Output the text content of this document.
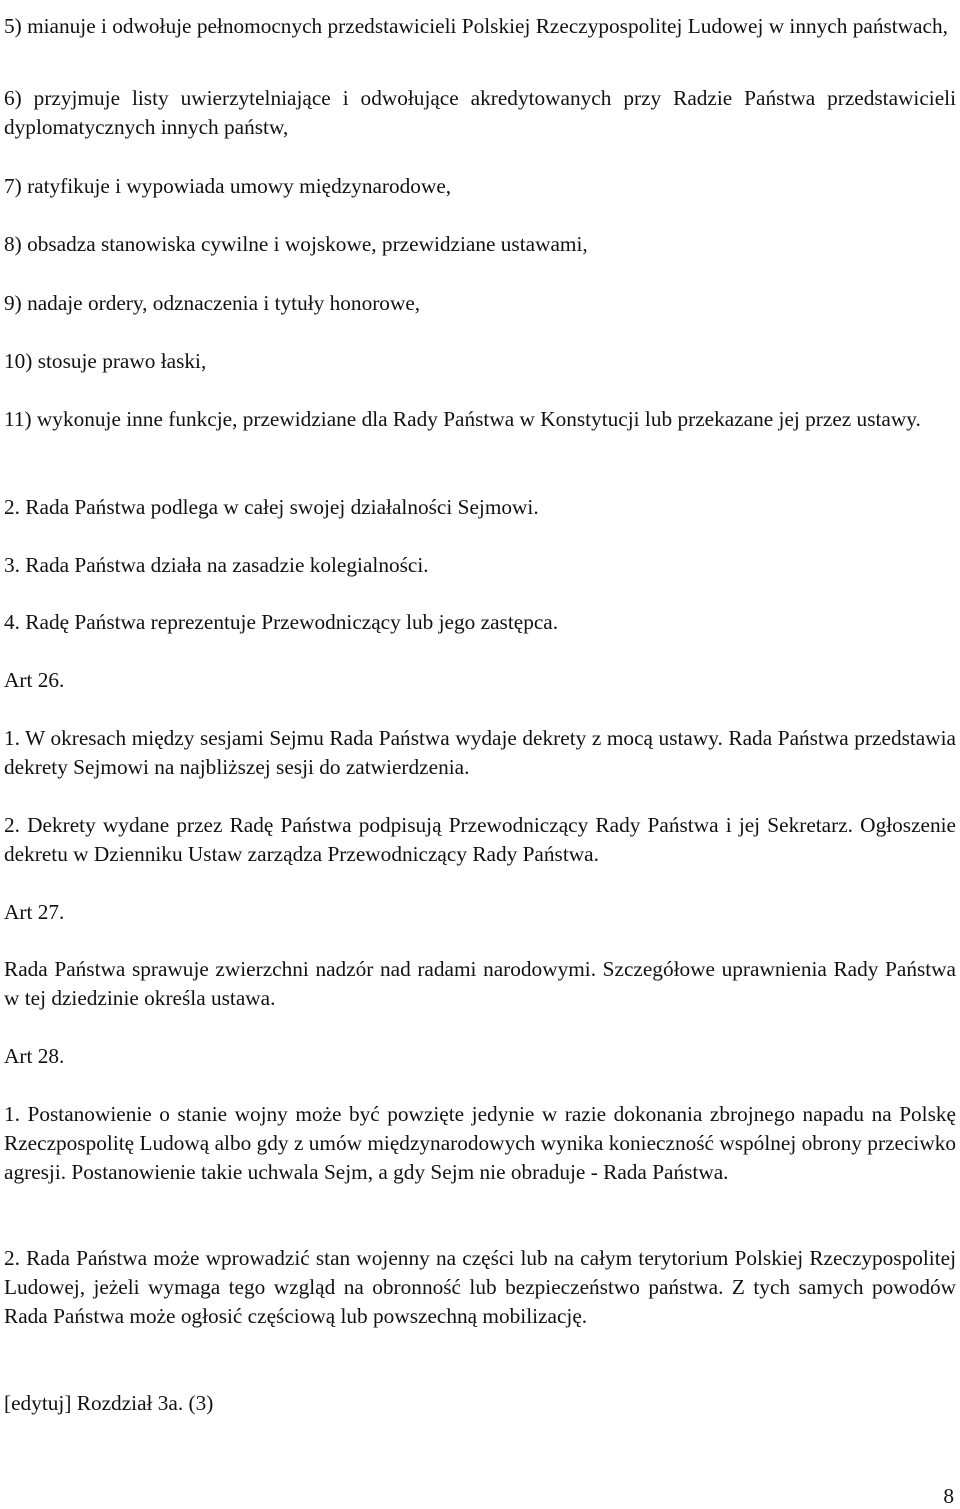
5) mianuje i odwołuje pełnomocnych przedstawicieli Polskiej Rzeczypospolitej Ludowej w innych państwach,

6) przyjmuje listy uwierzytelniające i odwołujące akredytowanych przy Radzie Państwa przedstawicieli dyplomatycznych innych państw,

7) ratyfikuje i wypowiada umowy międzynarodowe,

8) obsadza stanowiska cywilne i wojskowe, przewidziane ustawami,

9) nadaje ordery, odznaczenia i tytuły honorowe,

10) stosuje prawo łaski,

11) wykonuje inne funkcje, przewidziane dla Rady Państwa w Konstytucji lub przekazane jej przez ustawy.

2. Rada Państwa podlega w całej swojej działalności Sejmowi.

3. Rada Państwa działa na zasadzie kolegialności.

4. Radę Państwa reprezentuje Przewodniczący lub jego zastępca.

Art 26.

1. W okresach między sesjami Sejmu Rada Państwa wydaje dekrety z mocą ustawy. Rada Państwa przedstawia dekrety Sejmowi na najbliższej sesji do zatwierdzenia.

2. Dekrety wydane przez Radę Państwa podpisują Przewodniczący Rady Państwa i jej Sekretarz. Ogłoszenie dekretu w Dzienniku Ustaw zarządza Przewodniczący Rady Państwa.

Art 27.

Rada Państwa sprawuje zwierzchni nadzór nad radami narodowymi. Szczegółowe uprawnienia Rady Państwa w tej dziedzinie określa ustawa.

Art 28.

1. Postanowienie o stanie wojny może być powzięte jedynie w razie dokonania zbrojnego napadu na Polskę Rzeczpospolitę Ludową albo gdy z umów międzynarodowych wynika konieczność wspólnej obrony przeciwko agresji. Postanowienie takie uchwala Sejm, a gdy Sejm nie obraduje - Rada Państwa.

2. Rada Państwa może wprowadzić stan wojenny na części lub na całym terytorium Polskiej Rzeczypospolitej Ludowej, jeżeli wymaga tego wzgląd na obronność lub bezpieczeństwo państwa. Z tych samych powodów Rada Państwa może ogłosić częściową lub powszechną mobilizację.

[edytuj] Rozdział 3a. (3)

8
